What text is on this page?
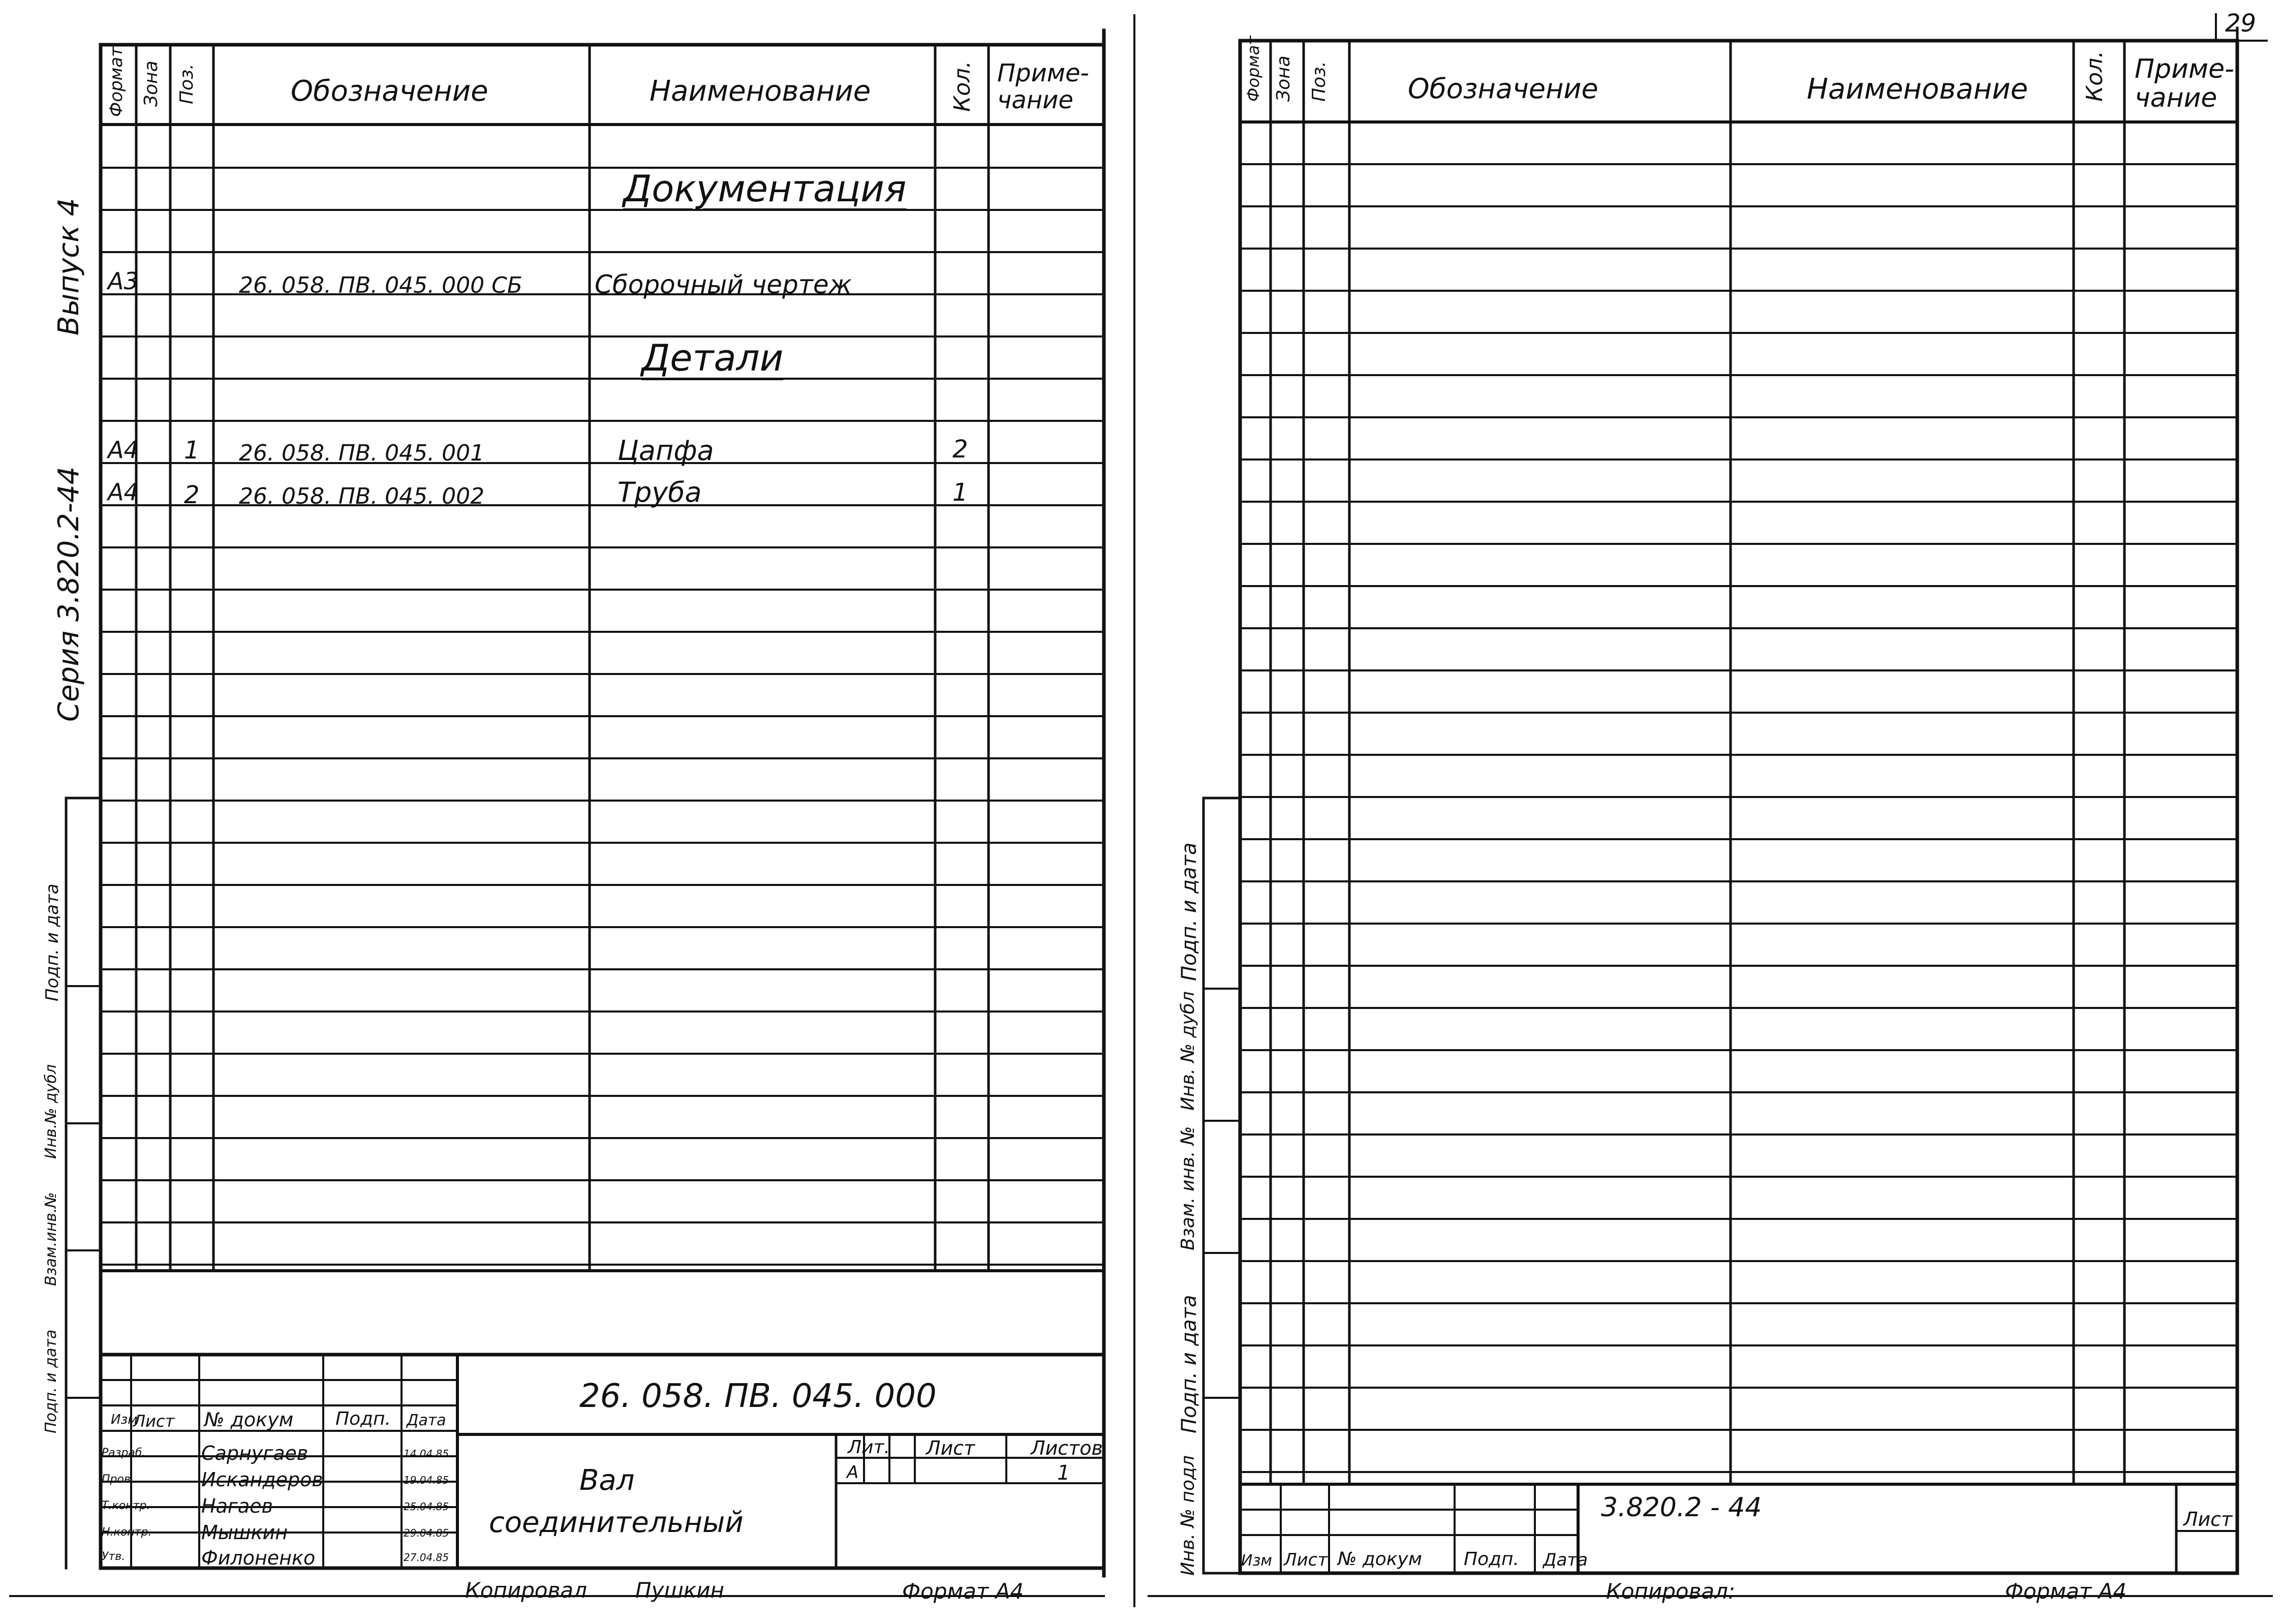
29
Выпуск 4
Серия 3.820.2-44
Подп. и дата
Инв.№ дубл
Взам.инв.№
Подп. и дата
Формат Зона Поз.	Обозначение	Наименование	Кол. Приме-
чание
Документация
Детали
А3	26. 058. ПВ. 045. 000 СБ	Сборочный чертеж
А4 1 26. 058. ПВ. 045. 001	Цапфа	2
А4 2 26. 058. ПВ. 045. 002	Труба	1
26. 058. ПВ. 045. 000
Вал
соединительный
Изм
Лист № докум Подп. Дата
Лит. Лист	Листов
А	1
Разраб.	Сарнугаев	14.04.85
Пров.	Искандеров	19.04.85
Т.контр.	Нагаев	25.04.85
Н.контр.	Мышкин	29.04.85
Утв.	Филоненко	27.04.85
Копировал Пушкин	Формат А4
Подп. и дата
Инв. № дубл
Взам. инв. №
Подп. и дата
Инв. № подл
Формат Зона Поз.	Обозначение	Наименование Кол. Приме-
чание
3.820.2 - 44	Лист
Изм Лист № докум Подп. Дата
Копировал:	Формат А4
